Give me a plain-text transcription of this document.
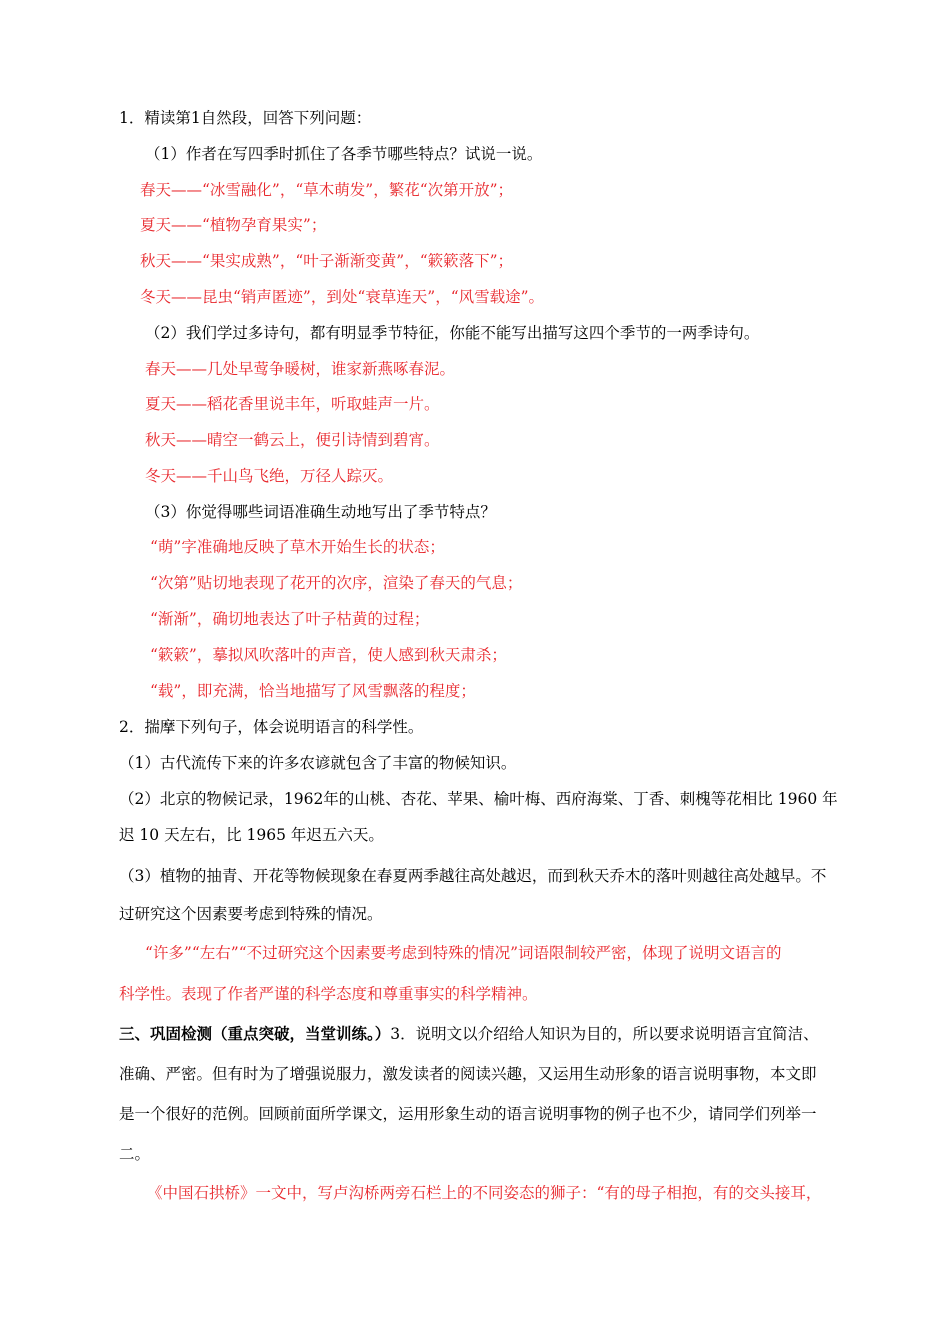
1．精读第1自然段，回答下列问题：
（1）作者在写四季时抓住了各季节哪些特点？试说一说。
春天——“冰雪融化”，“草木萌发”，繁花“次第开放”；
夏天——“植物孕育果实”；
秋天——“果实成熟”，“叶子渐渐变黄”，“簌簌落下”；
冬天——昆虫“销声匿迹”，到处“衰草连天”，“风雪载途”。
（2）我们学过多诗句，都有明显季节特征，你能不能写出描写这四个季节的一两季诗句。
春天——几处早莺争暖树，谁家新燕啄春泥。
夏天——稻花香里说丰年，听取蛙声一片。
秋天——晴空一鹤云上，便引诗情到碧宵。
冬天——千山鸟飞绝，万径人踪灭。
（3）你觉得哪些词语准确生动地写出了季节特点？
“萌”字准确地反映了草木开始生长的状态；
“次第”贴切地表现了花开的次序，渲染了春天的气息；
“渐渐”，确切地表达了叶子枯黄的过程；
“簌簌”，摹拟风吹落叶的声音，使人感到秋天肃杀；
“载”，即充满，恰当地描写了风雪飘落的程度；
2．揣摩下列句子，体会说明语言的科学性。
（1）古代流传下来的许多农谚就包含了丰富的物候知识。
（2）北京的物候记录，1962年的山桃、杏花、苹果、榆叶梅、西府海棠、丁香、刺槐等花相比 1960 年
迟 10 天左右，比 1965 年迟五六天。
（3）植物的抽青、开花等物候现象在春夏两季越往高处越迟，而到秋天乔木的落叶则越往高处越早。不
过研究这个因素要考虑到特殊的情况。
“许多”“左右”“不过研究这个因素要考虑到特殊的情况”词语限制较严密，体现了说明文语言的
科学性。表现了作者严谨的科学态度和尊重事实的科学精神。
三、巩固检测（重点突破，当堂训练。）3．说明文以介绍给人知识为目的，所以要求说明语言宜简洁、
准确、严密。但有时为了增强说服力，激发读者的阅读兴趣，又运用生动形象的语言说明事物，本文即
是一个很好的范例。回顾前面所学课文，运用形象生动的语言说明事物的例子也不少，请同学们列举一
二。
《中国石拱桥》一文中，写卢沟桥两旁石栏上的不同姿态的狮子：“有的母子相抱，有的交头接耳，
